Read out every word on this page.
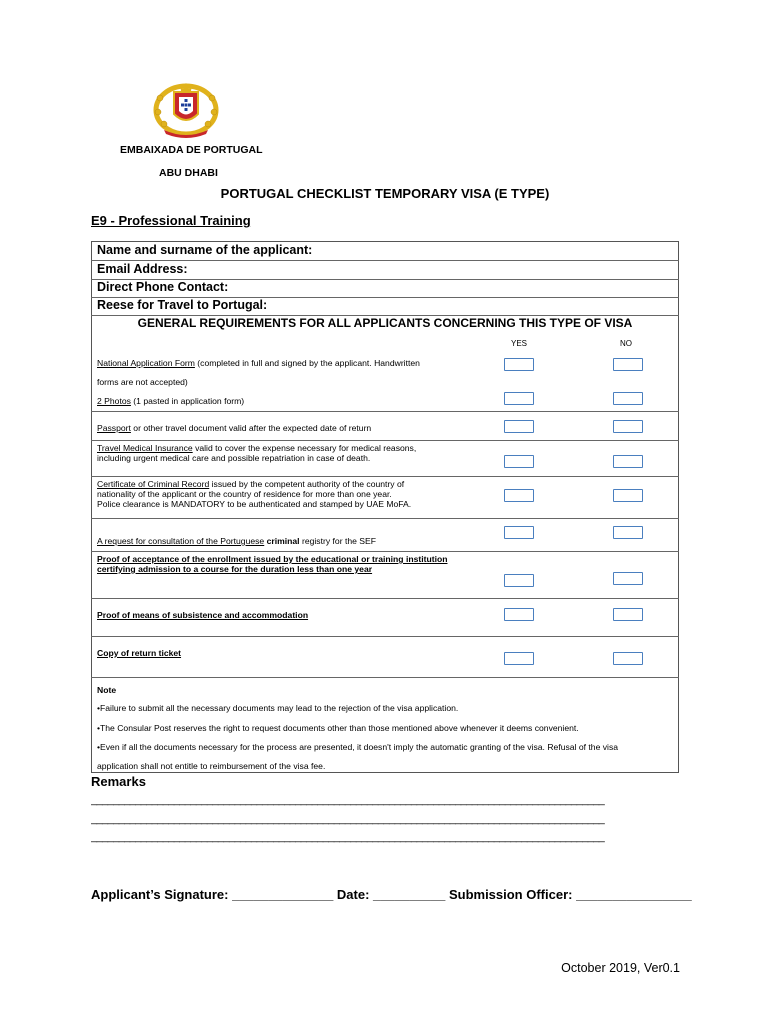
EMBAIXADA DE PORTUGAL
ABU DHABI
PORTUGAL CHECKLIST TEMPORARY VISA (E TYPE)
E9 - Professional Training
Name and surname of the applicant:
Email Address:
Direct Phone Contact:
Reese for Travel to Portugal:
GENERAL REQUIREMENTS FOR ALL APPLICANTS CONCERNING THIS TYPE OF VISA
YES	NO
National Application Form (completed in full and signed by the applicant. Handwritten
forms are not accepted)
2 Photos (1 pasted in application form)
Passport or other travel document valid after the expected date of return
Travel Medical Insurance valid to cover the expense necessary for medical reasons,
including urgent medical care and possible repatriation in case of death.
Certificate of Criminal Record issued by the competent authority of the country of
nationality of the applicant or the country of residence for more than one year.
Police clearance is MANDATORY to be authenticated and stamped by UAE MoFA.
A request for consultation of the Portuguese criminal registry for the SEF
Proof of acceptance of the enrollment issued by the educational or training institution
certifying admission to a course for the duration less than one year
Proof of means of subsistence and accommodation
Copy of return ticket
Note
•Failure to submit all the necessary documents may lead to the rejection of the visa application.
•The Consular Post reserves the right to request documents other than those mentioned above whenever it deems convenient.
•Even if all the documents necessary for the process are presented, it doesn't imply the automatic granting of the visa. Refusal of the visa
application shall not entitle to reimbursement of the visa fee.
Remarks
_____________________________________________________________________________________________
_____________________________________________________________________________________________
_____________________________________________________________________________________________
Applicant’s Signature: ______________ Date: __________ Submission Officer: ________________
October 2019, Ver0.1
